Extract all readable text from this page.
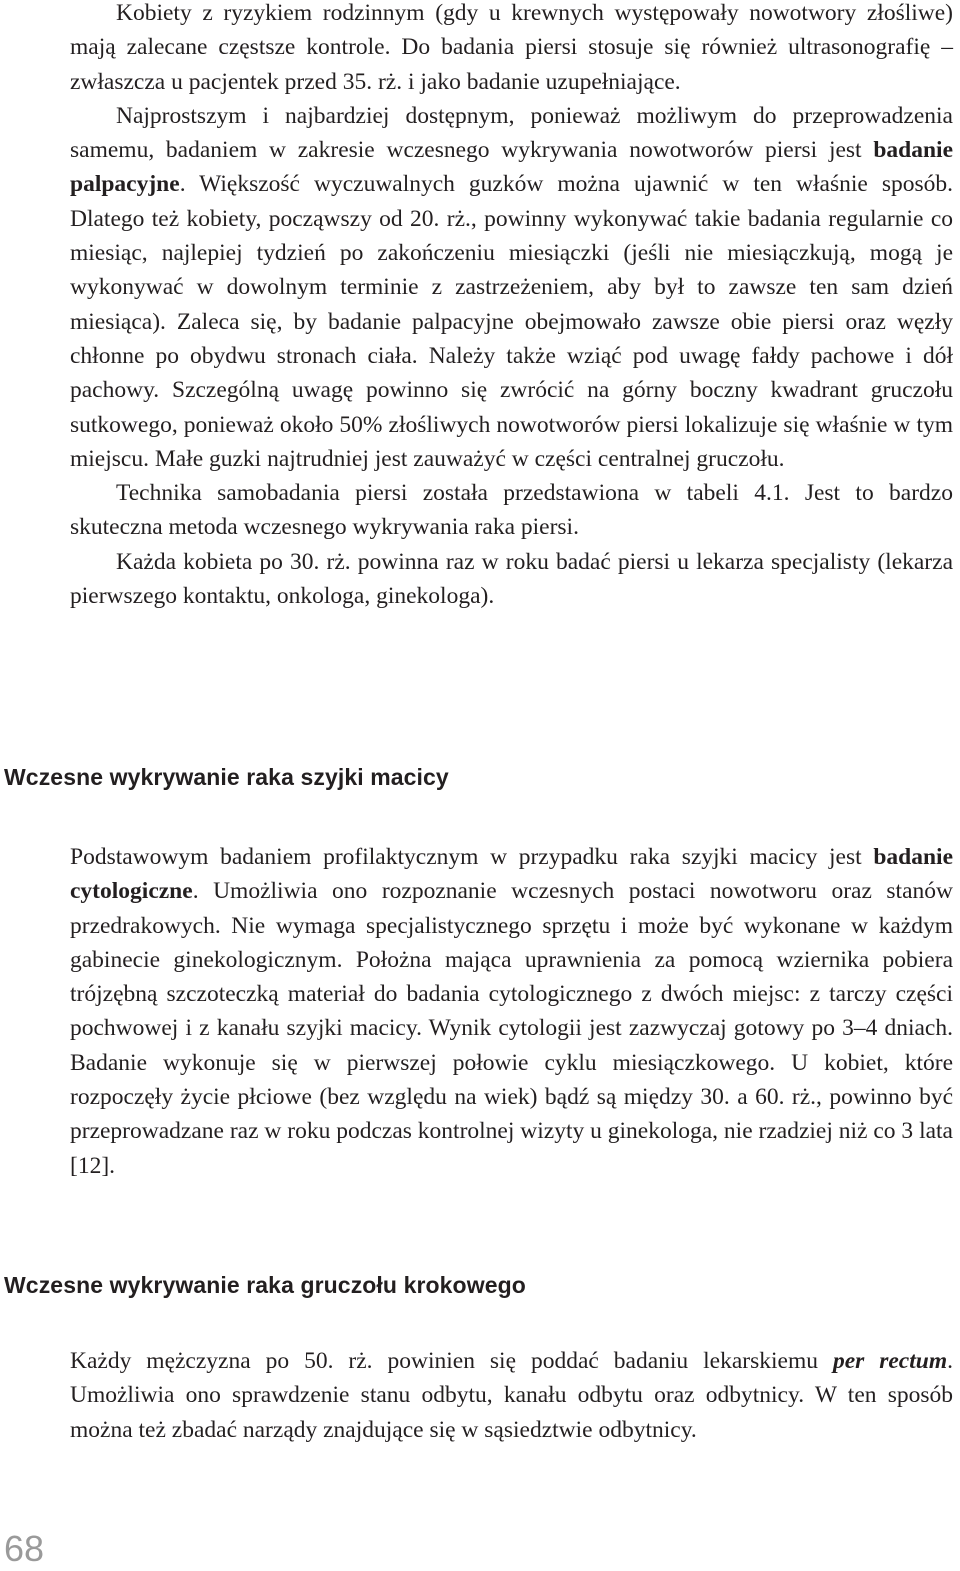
Kobiety z ryzykiem rodzinnym (gdy u krewnych występowały nowotwory złośliwe) mają zalecane częstsze kontrole. Do badania piersi stosuje się również ultrasonografię – zwłaszcza u pacjentek przed 35. rż. i jako badanie uzupełniające.

Najprostszym i najbardziej dostępnym, ponieważ możliwym do przeprowadzenia samemu, badaniem w zakresie wczesnego wykrywania nowotworów piersi jest badanie palpacyjne. Większość wyczuwalnych guzków można ujawnić w ten właśnie sposób. Dlatego też kobiety, począwszy od 20. rż., powinny wykonywać takie badania regularnie co miesiąc, najlepiej tydzień po zakończeniu miesiączki (jeśli nie miesiączkują, mogą je wykonywać w dowolnym terminie z zastrzeżeniem, aby był to zawsze ten sam dzień miesiąca). Zaleca się, by badanie palpacyjne obejmowało zawsze obie piersi oraz węzły chłonne po obydwu stronach ciała. Należy także wziąć pod uwagę fałdy pachowe i dół pachowy. Szczególną uwagę powinno się zwrócić na górny boczny kwadrant gruczołu sutkowego, ponieważ około 50% złośliwych nowotworów piersi lokalizuje się właśnie w tym miejscu. Małe guzki najtrudniej jest zauważyć w części centralnej gruczołu.

Technika samobadania piersi została przedstawiona w tabeli 4.1. Jest to bardzo skuteczna metoda wczesnego wykrywania raka piersi.

Każda kobieta po 30. rż. powinna raz w roku badać piersi u lekarza specjalisty (lekarza pierwszego kontaktu, onkologa, ginekologa).

Wczesne wykrywanie raka szyjki macicy

Podstawowym badaniem profilaktycznym w przypadku raka szyjki macicy jest badanie cytologiczne. Umożliwia ono rozpoznanie wczesnych postaci nowotworu oraz stanów przedrakowych. Nie wymaga specjalistycznego sprzętu i może być wykonane w każdym gabinecie ginekologicznym. Położna mająca uprawnienia za pomocą wziernika pobiera trójzębną szczoteczką materiał do badania cytologicznego z dwóch miejsc: z tarczy części pochwowej i z kanału szyjki macicy. Wynik cytologii jest zazwyczaj gotowy po 3–4 dniach. Badanie wykonuje się w pierwszej połowie cyklu miesiączkowego. U kobiet, które rozpoczęły życie płciowe (bez względu na wiek) bądź są między 30. a 60. rż., powinno być przeprowadzane raz w roku podczas kontrolnej wizyty u ginekologa, nie rzadziej niż co 3 lata [12].

Wczesne wykrywanie raka gruczołu krokowego

Każdy mężczyzna po 50. rż. powinien się poddać badaniu lekarskiemu per rectum. Umożliwia ono sprawdzenie stanu odbytu, kanału odbytu oraz odbytnicy. W ten sposób można też zbadać narządy znajdujące się w sąsiedztwie odbytnicy.

68
